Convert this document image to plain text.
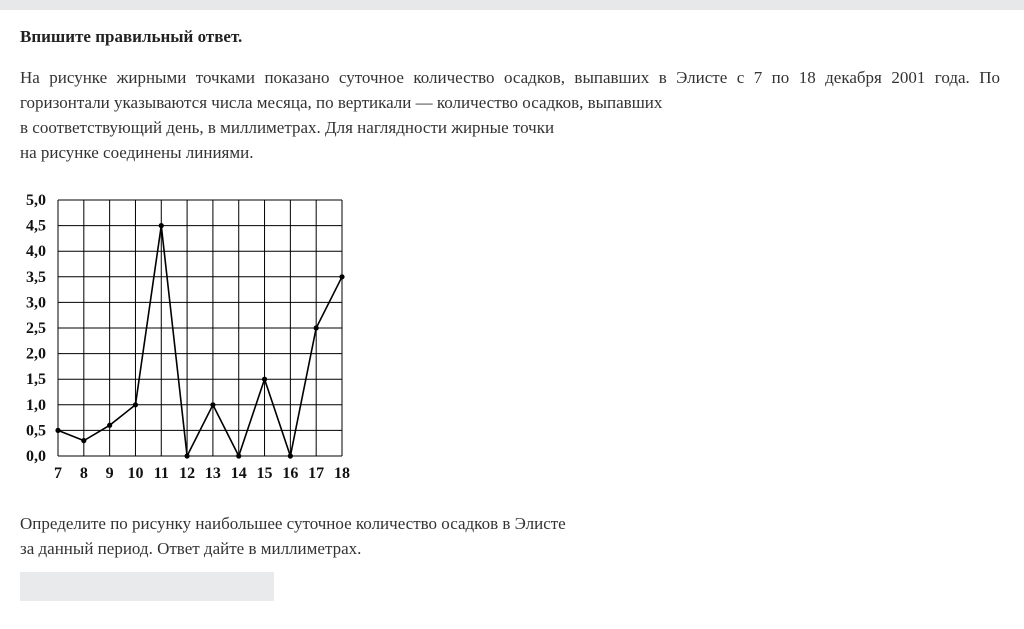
Впишите правильный ответ.
На рисунке жирными точками показано суточное количество осадков, выпавших в Элисте с 7 по 18 декабря 2001 года. По
горизонтали указываются числа месяца, по вертикали — количество осадков, выпавших
в соответствующий день, в миллиметрах. Для наглядности жирные точки
на рисунке соединены линиями.
0,0
0,5
1,0
1,5
2,0
2,5
3,0
3,5
4,0
4,5
5,0
7 8 9 10 11 12 13 14 15 16 17 18
Определите по рисунку наибольшее суточное количество осадков в Элисте
за данный период. Ответ дайте в миллиметрах.
